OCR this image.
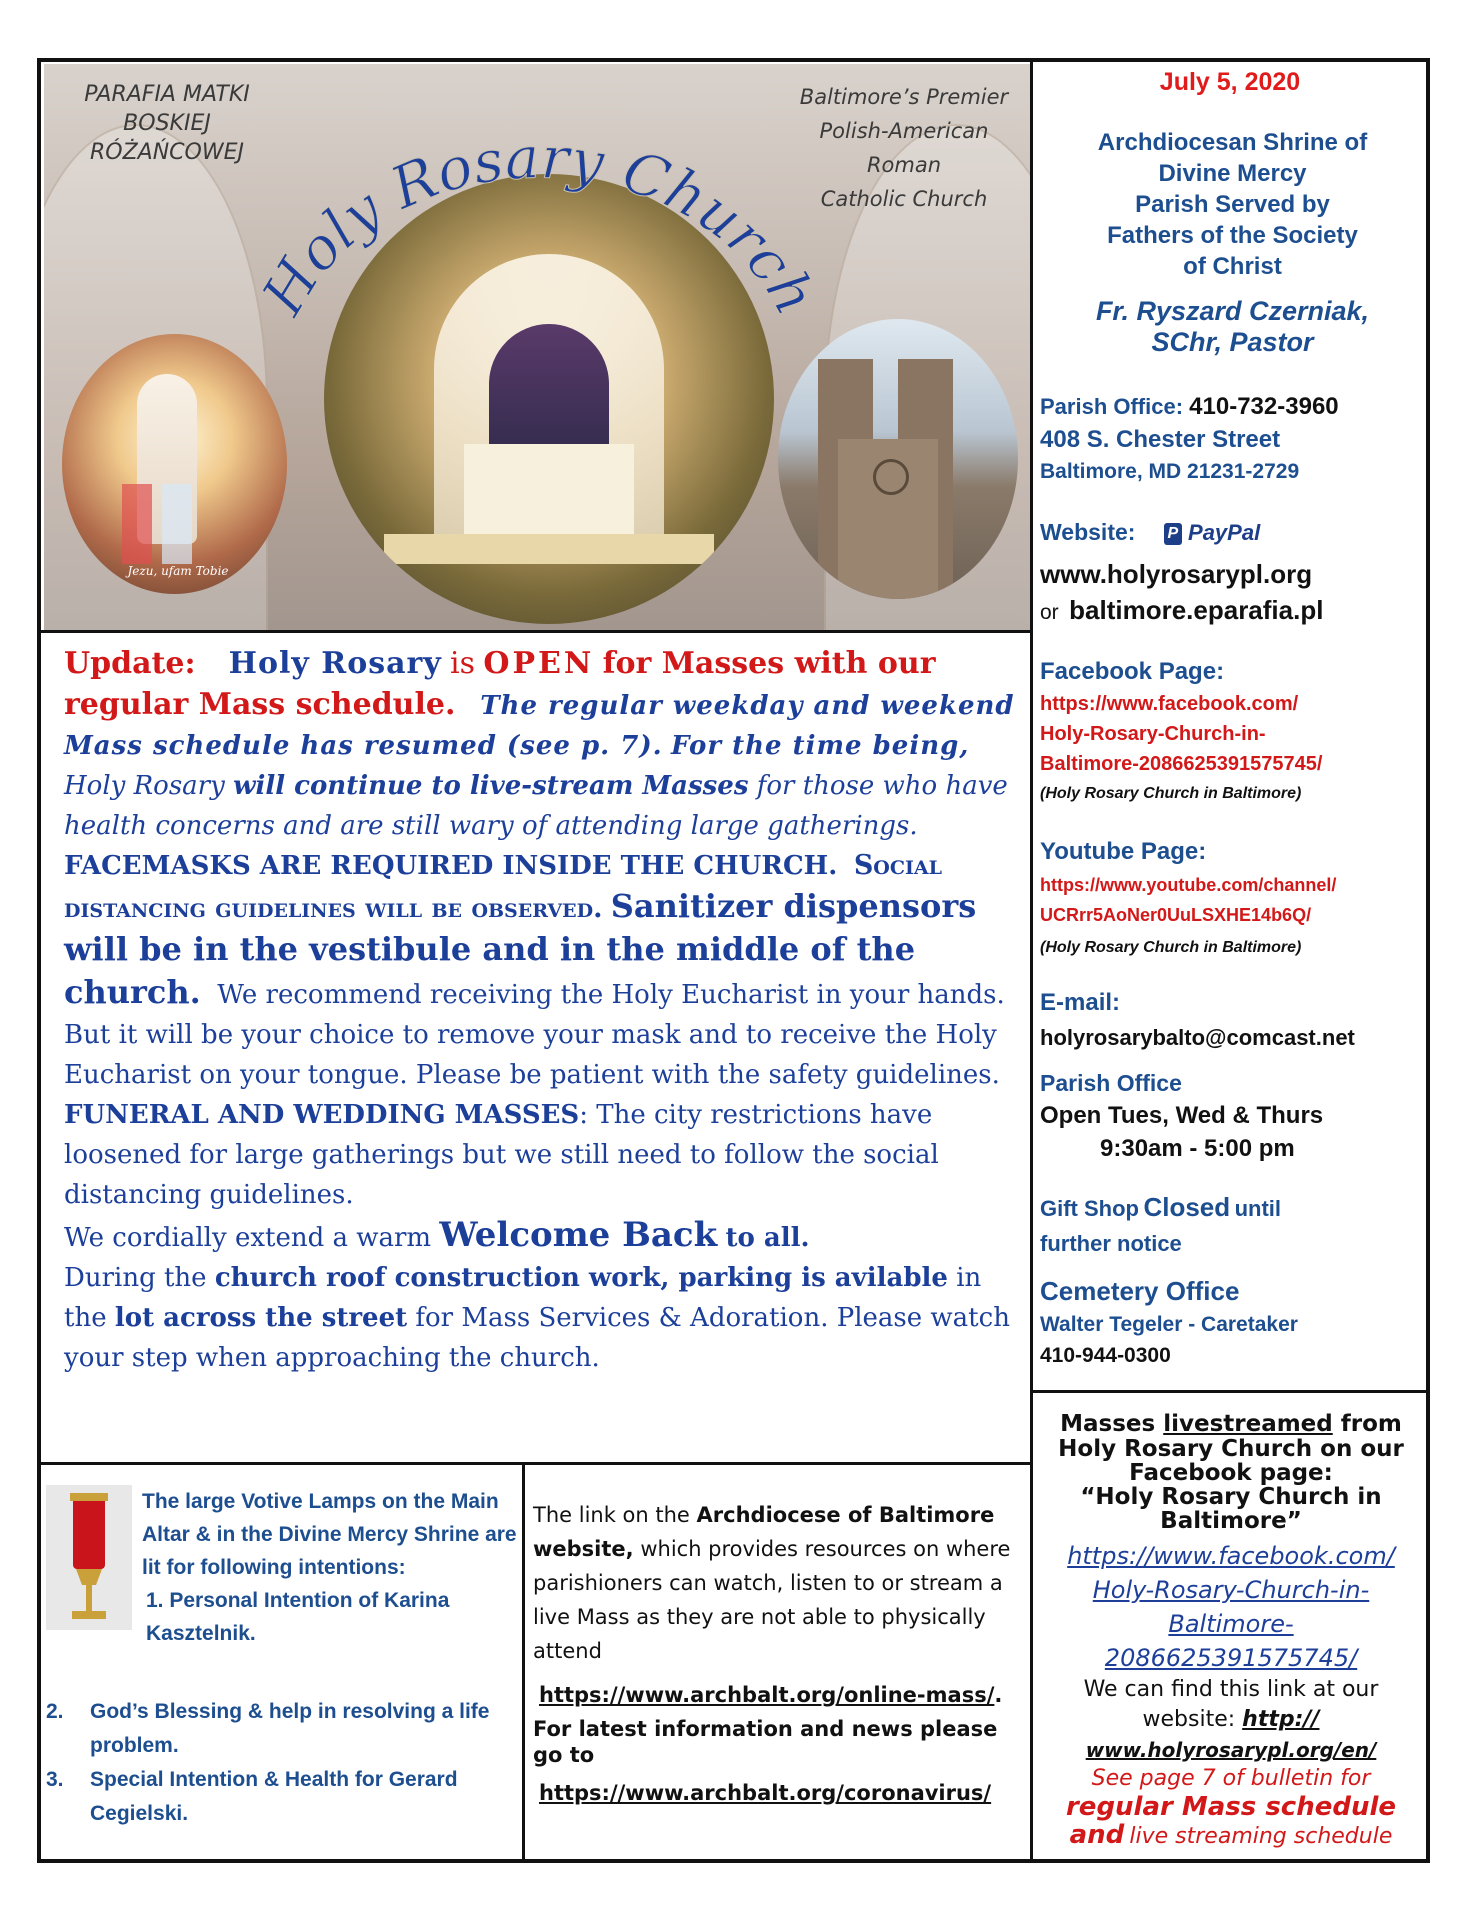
Jezu, ufam Tobie
PARAFIA MATKI
BOSKIEJ
RÓŻAŃCOWEJ
Baltimore’s Premier
Polish-American
Roman
Catholic Church
Holy Rosary Churc
July 5, 2020
Archdiocesan Shrine of
Divine Mercy
Parish Served by
Fathers of the Society
of Christ
Fr. Ryszard Czerniak,
SChr, Pastor
Parish Office: 410-732-3960
408 S. Chester Street
Baltimore, MD 21231-2729
Website: P PayPal
www.holyrosarypl.org
or baltimore.eparafia.pl
Facebook Page:
https://www.facebook.com/
Holy-Rosary-Church-in-
Baltimore-2086625391575745/
(Holy Rosary Church in Baltimore)
Youtube Page:
https://www.youtube.com/channel/
UCRrr5AoNer0UuLSXHE14b6Q/
(Holy Rosary Church in Baltimore)
E-mail:
holyrosarybalto@comcast.net
Parish Office
Open Tues, Wed & Thurs
9:30am - 5:00 pm
Gift Shop Closed until
further notice
Cemetery Office
Walter Tegeler - Caretaker
410-944-0300
Update: Holy Rosary is OPEN for Masses with our regular Mass schedule. The regular weekday and weekend Mass schedule has resumed (see p. 7). For the time being, Holy Rosary will continue to live-stream Masses for those who have health concerns and are still wary of attending large gatherings. FACEMASKS ARE REQUIRED INSIDE THE CHURCH. Social distancing guidelines will be observed. Sanitizer dispensors will be in the vestibule and in the middle of the church. We recommend receiving the Holy Eucharist in your hands. But it will be your choice to remove your mask and to receive the Holy Eucharist on your tongue. Please be patient with the safety guidelines.
FUNERAL AND WEDDING MASSES: The city restrictions have loosened for large gatherings but we still need to follow the social distancing guidelines.
We cordially extend a warm Welcome Back to all.
During the church roof construction work, parking is avilable in the lot across the street for Mass Services & Adoration. Please watch your step when approaching the church.
The large Votive Lamps on the Main Altar & in the Divine Mercy Shrine are lit for following intentions:
1. Personal Intention of Karina Kasztelnik.
2.	God’s Blessing & help in resolving a life problem.
3.	Special Intention & Health for Gerard Cegielski.
The link on the Archdiocese of Baltimore website, which provides resources on where parishioners can watch, listen to or stream a live Mass as they are not able to physically attend
https://www.archbalt.org/online-mass/.
For latest information and news please go to
https://www.archbalt.org/coronavirus/
Masses livestreamed from
Holy Rosary Church on our Facebook page:
“Holy Rosary Church in Baltimore”
https://www.facebook.com/
Holy-Rosary-Church-in-
Baltimore-
2086625391575745/
We can find this link at our website: http://
www.holyrosarypl.org/en/
See page 7 of bulletin for
regular Mass schedule
and live streaming schedule
